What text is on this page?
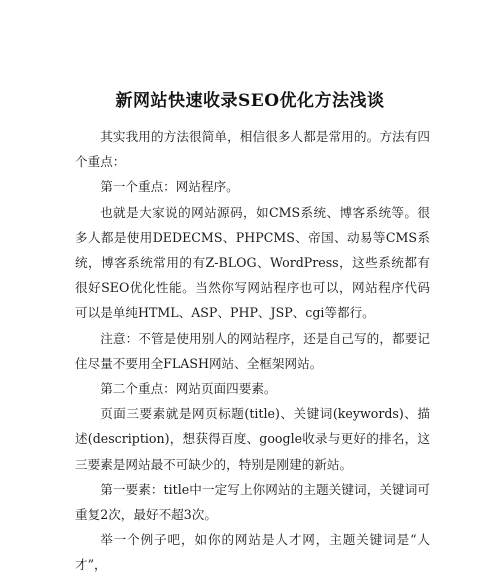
新网站快速收录SEO优化方法浅谈

其实我用的方法很简单，相信很多人都是常用的。方法有四个重点：

第一个重点：网站程序。

也就是大家说的网站源码，如CMS系统、博客系统等。很多人都是使用DEDECMS、PHPCMS、帝国、动易等CMS系统，博客系统常用的有Z-BLOG、WordPress，这些系统都有很好SEO优化性能。当然你写网站程序也可以，网站程序代码可以是单纯HTML、ASP、PHP、JSP、cgi等都行。

注意：不管是使用别人的网站程序，还是自己写的，都要记住尽量不要用全FLASH网站、全框架网站。

第二个重点：网站页面四要素。

页面三要素就是网页标题(title)、关键词(keywords)、描述(description)，想获得百度、google收录与更好的排名，这三要素是网站最不可缺少的，特别是刚建的新站。

第一要素：title中一定写上你网站的主题关键词，关键词可重复2次，最好不超3次。

举一个例子吧，如你的网站是人才网，主题关键词是“人才”，
